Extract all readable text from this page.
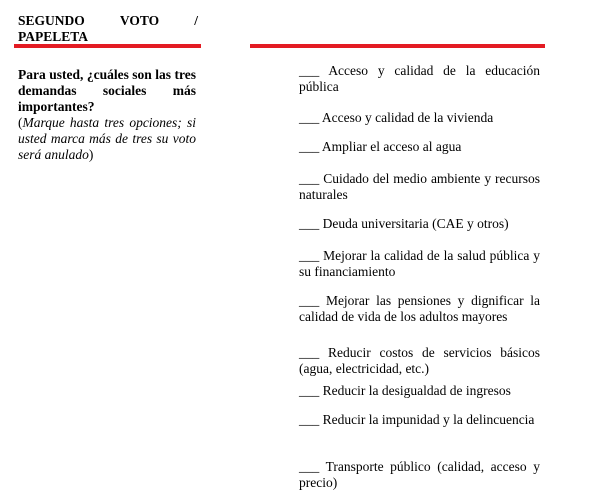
SEGUNDO	VOTO	/
PAPELETA
Para usted, ¿cuáles son las tres demandas sociales más importantes?
(Marque hasta tres opciones; si usted marca más de tres su voto será anulado)
___ Acceso y calidad de la educación pública
___ Acceso y calidad de la vivienda
___ Ampliar el acceso al agua
___ Cuidado del medio ambiente y recursos naturales
___ Deuda universitaria (CAE y otros)
___ Mejorar la calidad de la salud pública y su financiamiento
___ Mejorar las pensiones y dignificar la calidad de vida de los adultos mayores
___ Reducir costos de servicios básicos (agua, electricidad, etc.)
___ Reducir la desigualdad de ingresos
___ Reducir la impunidad y la delincuencia
___ Transporte público (calidad, acceso y precio)
